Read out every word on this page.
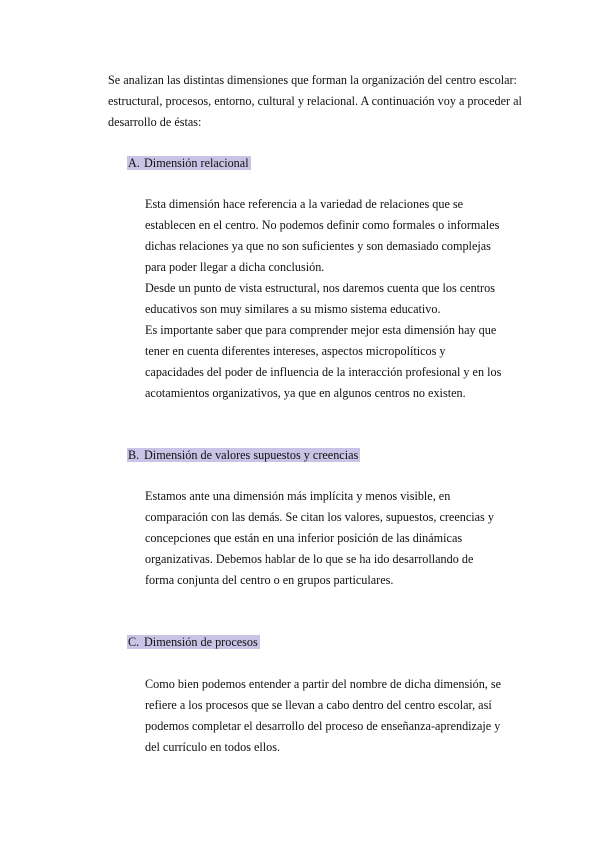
Se analizan las distintas dimensiones que forman la organización del centro escolar: estructural, procesos, entorno, cultural y relacional. A continuación voy a proceder al desarrollo de éstas:

A. Dimensión relacional

Esta dimensión hace referencia a la variedad de relaciones que se establecen en el centro. No podemos definir como formales o informales dichas relaciones ya que no son suficientes y son demasiado complejas para poder llegar a dicha conclusión.

Desde un punto de vista estructural, nos daremos cuenta que los centros educativos son muy similares a su mismo sistema educativo.

Es importante saber que para comprender mejor esta dimensión hay que tener en cuenta diferentes intereses, aspectos micropolíticos y capacidades del poder de influencia de la interacción profesional y en los acotamientos organizativos, ya que en algunos centros no existen.

B. Dimensión de valores supuestos y creencias

Estamos ante una dimensión más implícita y menos visible, en comparación con las demás. Se citan los valores, supuestos, creencias y concepciones que están en una inferior posición de las dinámicas organizativas. Debemos hablar de lo que se ha ido desarrollando de forma conjunta del centro o en grupos particulares.

C. Dimensión de procesos

Como bien podemos entender a partir del nombre de dicha dimensión, se refiere a los procesos que se llevan a cabo dentro del centro escolar, así podemos completar el desarrollo del proceso de enseñanza-aprendizaje y del currículo en todos ellos.
